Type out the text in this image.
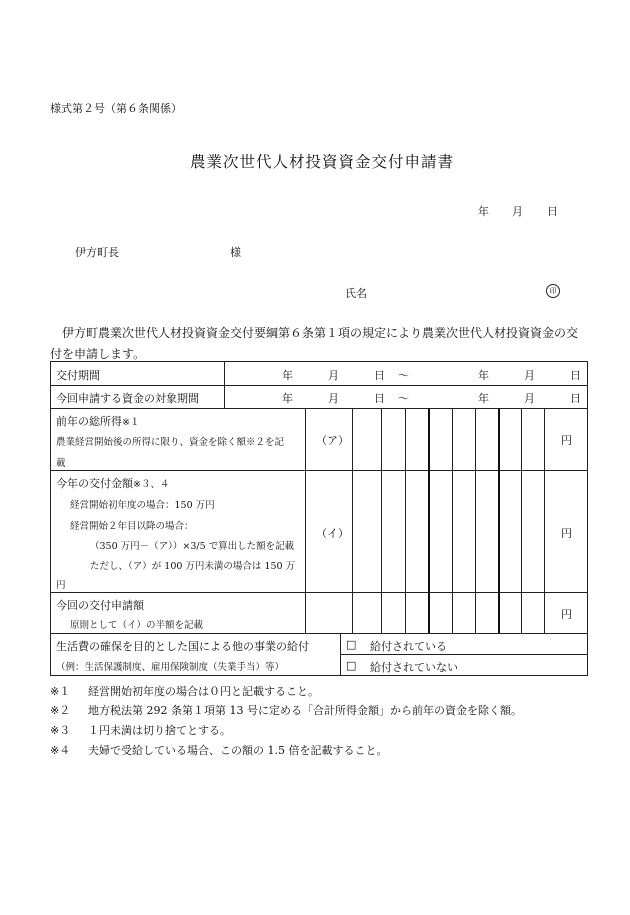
様式第２号（第６条関係）
農業次世代人材投資資金交付申請書
年 月 日
伊方町長	様
氏名	印
伊方町農業次世代人材投資資金交付要綱第６条第１項の規定により農業次世代人材投資資金の交
付を申請します。
交付期間	年	月	日 ～	年	月	日
今回申請する資金の対象期間	年	月	日 ～	年	月	日
前年の総所得※１
農業経営開始後の所得に限り、資金を除く額※２を記
載
（ア）	円
今年の交付金額※３、４
経営開始初年度の場合：150 万円
経営開始２年目以降の場合：
（350 万円－（ア））×3/5 で算出した額を記載
ただし、（ア）が 100 万円未満の場合は 150 万
円
（イ）	円
今回の交付申請額
原則として（イ）の半額を記載
円
生活費の確保を目的とした国による他の事業の給付
（例：生活保護制度、雇用保険制度（失業手当）等）
□ 給付されている
□ 給付されていない
※１ 経営開始初年度の場合は０円と記載すること。
※２ 地方税法第 292 条第１項第 13 号に定める「合計所得金額」から前年の資金を除く額。
※３ １円未満は切り捨てとする。
※４ 夫婦で受給している場合、この額の 1.5 倍を記載すること。
